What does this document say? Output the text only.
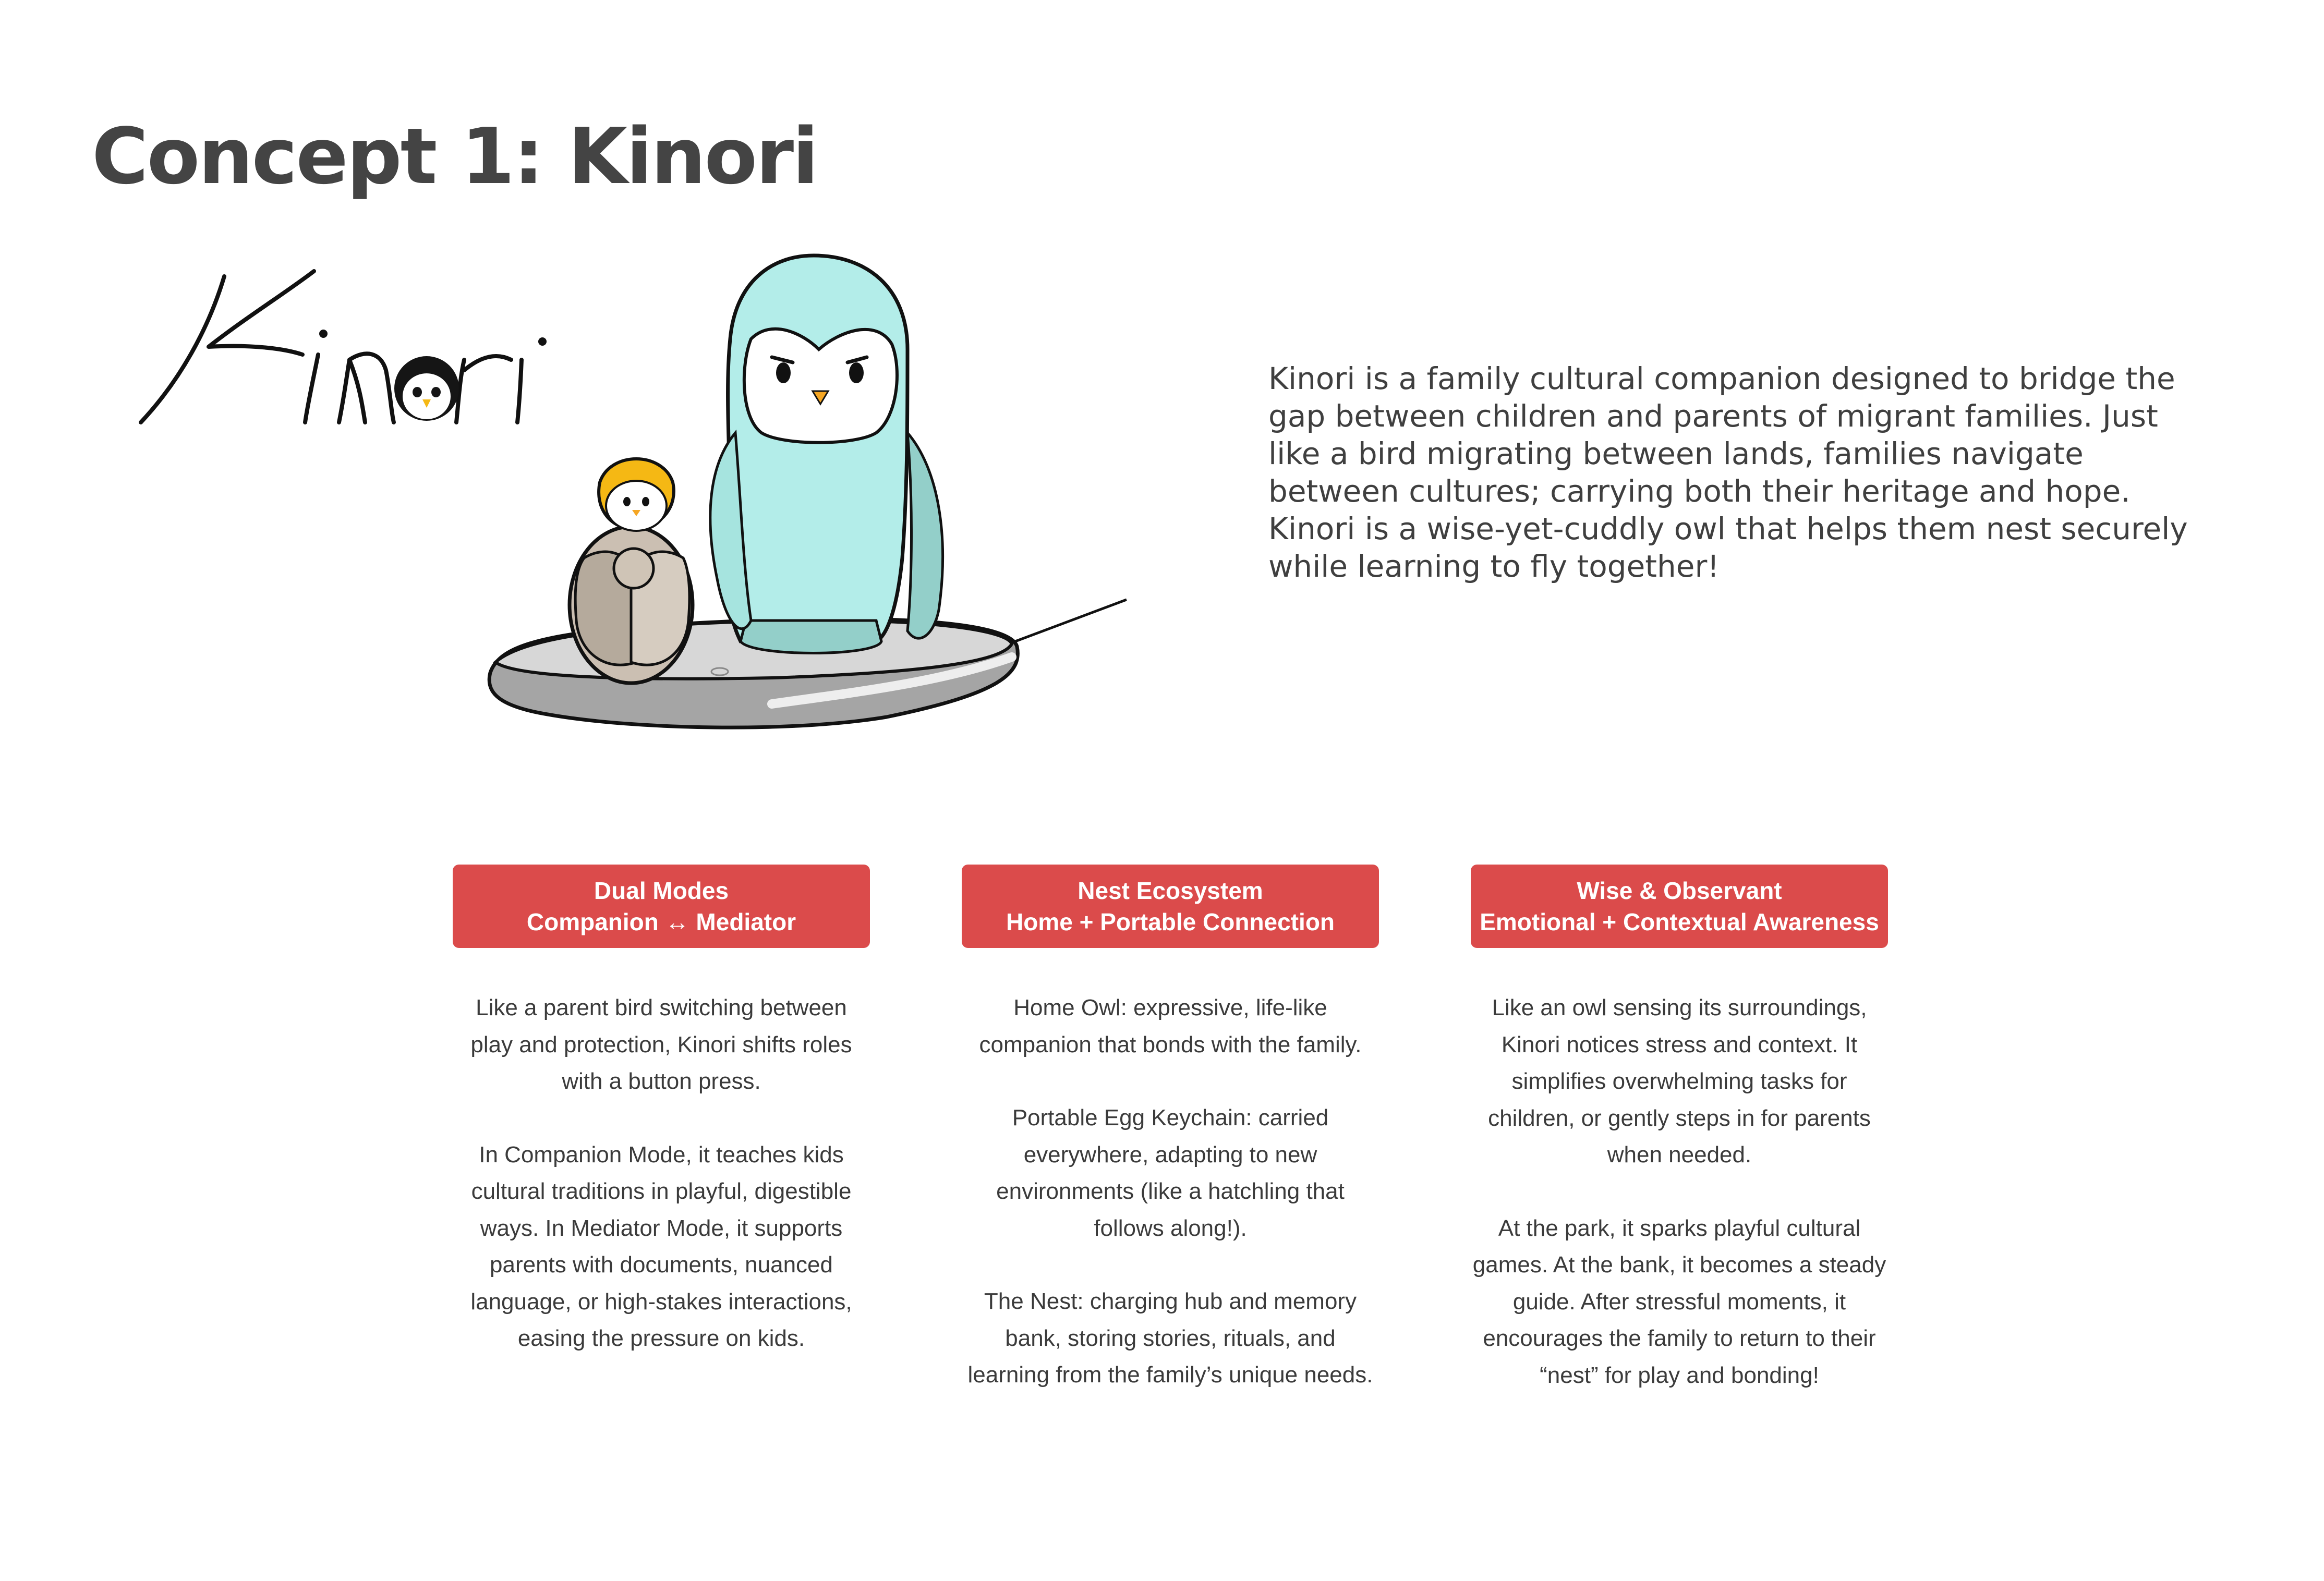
Concept 1: Kinori

Kinori is a family cultural companion designed to bridge the gap between children and parents of migrant families. Just like a bird migrating between lands, families navigate between cultures; carrying both their heritage and hope. Kinori is a wise-yet-cuddly owl that helps them nest securely while learning to fly together!

Dual Modes
Companion ↔ Mediator

Like a parent bird switching between play and protection, Kinori shifts roles with a button press.

In Companion Mode, it teaches kids cultural traditions in playful, digestible ways. In Mediator Mode, it supports parents with documents, nuanced language, or high-stakes interactions, easing the pressure on kids.

Nest Ecosystem
Home + Portable Connection

Home Owl: expressive, life-like companion that bonds with the family.

Portable Egg Keychain: carried everywhere, adapting to new environments (like a hatchling that follows along!).

The Nest: charging hub and memory bank, storing stories, rituals, and learning from the family’s unique needs.

Wise & Observant
Emotional + Contextual Awareness

Like an owl sensing its surroundings, Kinori notices stress and context. It simplifies overwhelming tasks for children, or gently steps in for parents when needed.

At the park, it sparks playful cultural games. At the bank, it becomes a steady guide. After stressful moments, it encourages the family to return to their “nest” for play and bonding!
